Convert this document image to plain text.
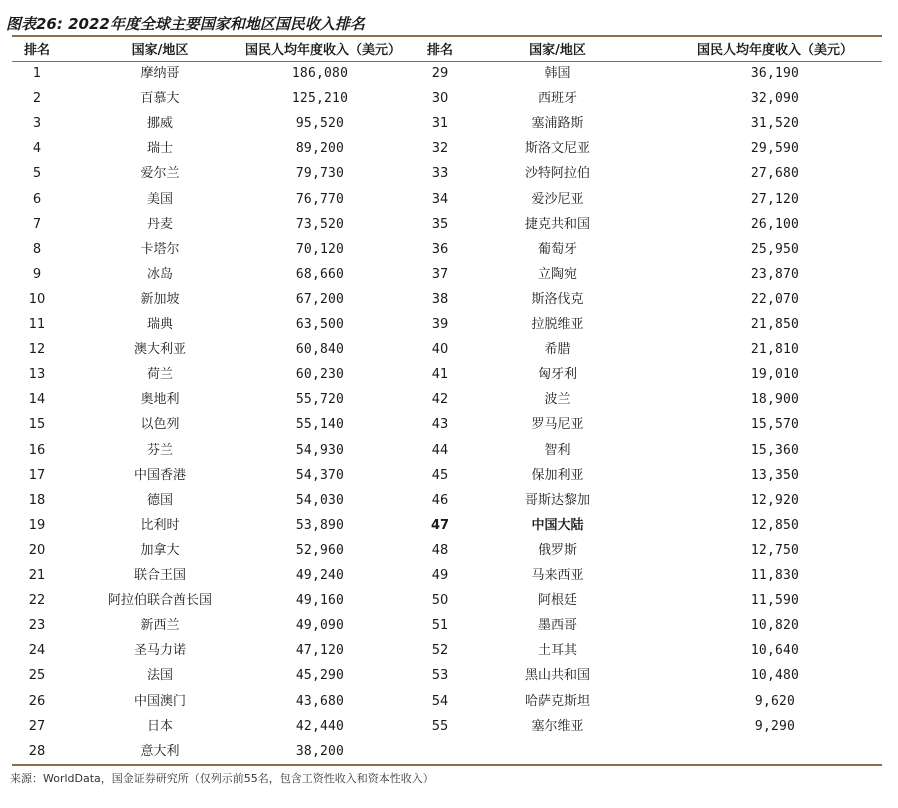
图表26: 2022年度全球主要国家和地区国民收入排名
排名	国家/地区	国民人均年度收入（美元）	排名	国家/地区	国民人均年度收入（美元）
1	摩纳哥	186,080	29	韩国	36,190
2	百慕大	125,210	30	西班牙	32,090
3	挪威	95,520	31	塞浦路斯	31,520
4	瑞士	89,200	32	斯洛文尼亚	29,590
5	爱尔兰	79,730	33	沙特阿拉伯	27,680
6	美国	76,770	34	爱沙尼亚	27,120
7	丹麦	73,520	35	捷克共和国	26,100
8	卡塔尔	70,120	36	葡萄牙	25,950
9	冰岛	68,660	37	立陶宛	23,870
10	新加坡	67,200	38	斯洛伐克	22,070
11	瑞典	63,500	39	拉脱维亚	21,850
12	澳大利亚	60,840	40	希腊	21,810
13	荷兰	60,230	41	匈牙利	19,010
14	奥地利	55,720	42	波兰	18,900
15	以色列	55,140	43	罗马尼亚	15,570
16	芬兰	54,930	44	智利	15,360
17	中国香港	54,370	45	保加利亚	13,350
18	德国	54,030	46	哥斯达黎加	12,920
19	比利时	53,890	47	中国大陆	12,850
20	加拿大	52,960	48	俄罗斯	12,750
21	联合王国	49,240	49	马来西亚	11,830
22	阿拉伯联合酋长国	49,160	50	阿根廷	11,590
23	新西兰	49,090	51	墨西哥	10,820
24	圣马力诺	47,120	52	土耳其	10,640
25	法国	45,290	53	黑山共和国	10,480
26	中国澳门	43,680	54	哈萨克斯坦	9,620
27	日本	42,440	55	塞尔维亚	9,290
28	意大利	38,200
来源：WorldData，国金证券研究所（仅列示前55名，包含工资性收入和资本性收入）
